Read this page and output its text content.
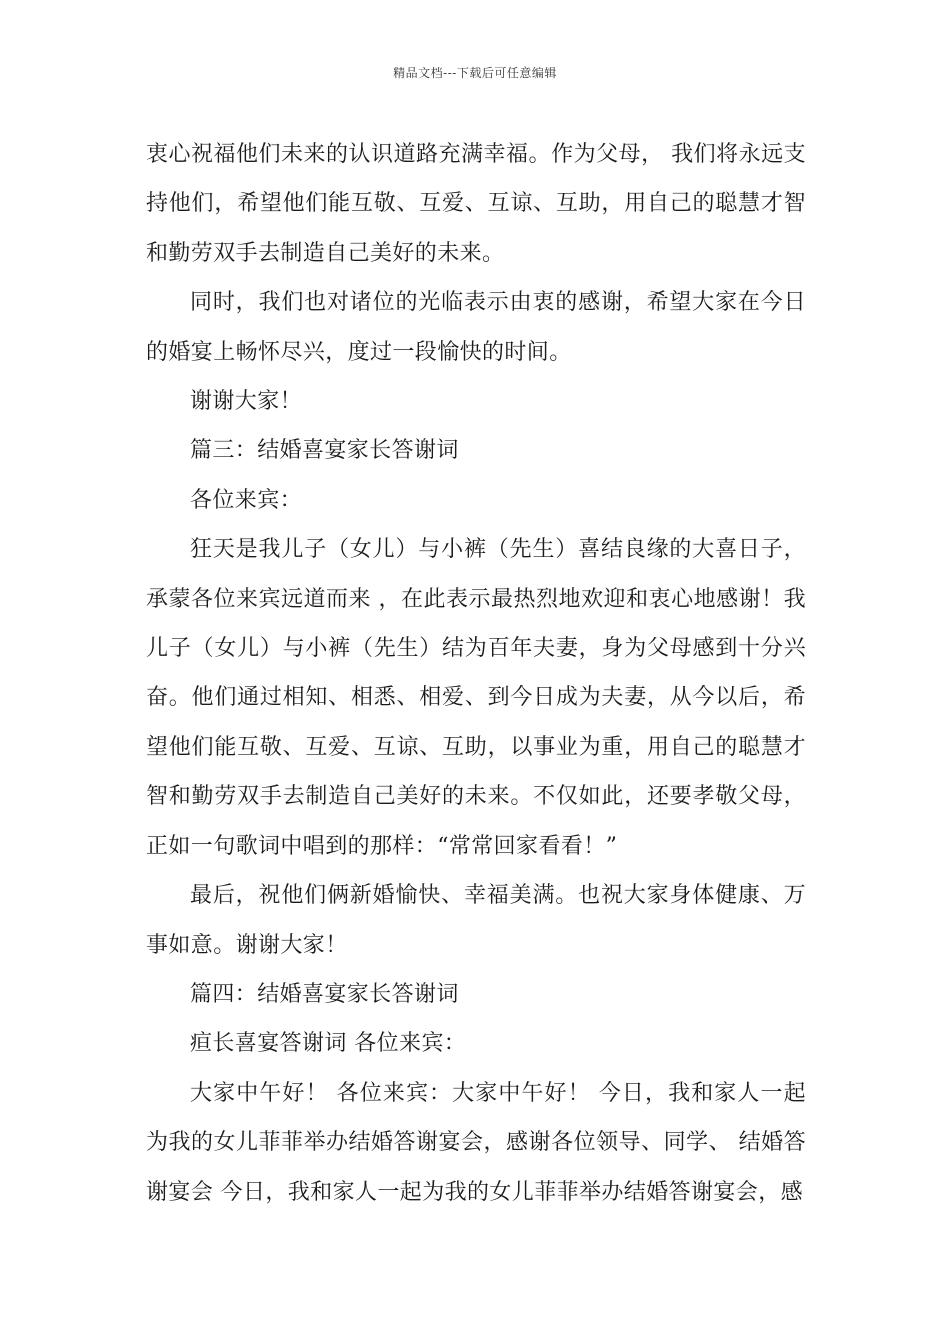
精品文档---下载后可任意编辑

衷心祝福他们未来的认识道路充满幸福。作为父母， 我们将永远支持他们，希望他们能互敬、互爱、互谅、互助，用自己的聪慧才智和勤劳双手去制造自己美好的未来。

同时，我们也对诸位的光临表示由衷的感谢，希望大家在今日的婚宴上畅怀尽兴，度过一段愉快的时间。

谢谢大家！

篇三：结婚喜宴家长答谢词

各位来宾：

狂天是我儿子（女儿）与小裤（先生）喜结良缘的大喜日子，承蒙各位来宾远道而来 ，在此表示最热烈地欢迎和衷心地感谢！我儿子（女儿）与小裤（先生）结为百年夫妻，身为父母感到十分兴奋。他们通过相知、相悉、相爱、到今日成为夫妻，从今以后，希望他们能互敬、互爱、互谅、互助，以事业为重，用自己的聪慧才智和勤劳双手去制造自己美好的未来。不仅如此，还要孝敬父母，正如一句歌词中唱到的那样：“常常回家看看！”

最后，祝他们俩新婚愉快、幸福美满。也祝大家身体健康、万事如意。谢谢大家！

篇四：结婚喜宴家长答谢词

疸长喜宴答谢词 各位来宾：

大家中午好！ 各位来宾：大家中午好！ 今日，我和家人一起为我的女儿菲菲举办结婚答谢宴会，感谢各位领导、同学、 结婚答谢宴会 今日，我和家人一起为我的女儿菲菲举办结婚答谢宴会，感
